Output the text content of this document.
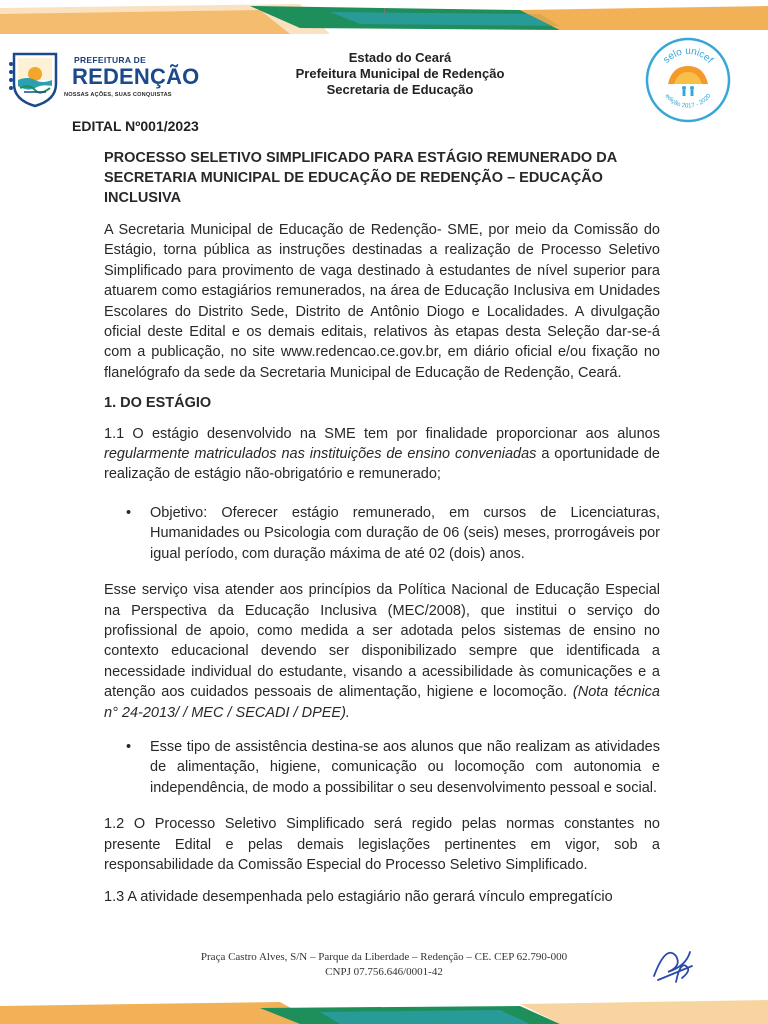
PREFEITURA DE
REDENÇÃO
NOSSAS AÇÕES, SUAS CONQUISTAS
Estado do Ceará
Prefeitura Municipal de Redenção
Secretaria de Educação
selo unicef
edição 2017 - 2020
EDITAL Nº001/2023

PROCESSO SELETIVO SIMPLIFICADO PARA ESTÁGIO REMUNERADO DA SECRETARIA MUNICIPAL DE EDUCAÇÃO DE REDENÇÃO – EDUCAÇÃO INCLUSIVA

A Secretaria Municipal de Educação de Redenção- SME, por meio da Comissão do Estágio, torna pública as instruções destinadas a realização de Processo Seletivo Simplificado para provimento de vaga destinado à estudantes de nível superior para atuarem como estagiários remunerados, na área de Educação Inclusiva em Unidades Escolares do Distrito Sede, Distrito de Antônio Diogo e Localidades. A divulgação oficial deste Edital e os demais editais, relativos às etapas desta Seleção dar-se-á com a publicação, no site www.redencao.ce.gov.br, em diário oficial e/ou fixação no flanelógrafo da sede da Secretaria Municipal de Educação de Redenção, Ceará.

1. DO ESTÁGIO

1.1 O estágio desenvolvido na SME tem por finalidade proporcionar aos alunos regularmente matriculados nas instituições de ensino conveniadas a oportunidade de realização de estágio não-obrigatório e remunerado;

• Objetivo: Oferecer estágio remunerado, em cursos de Licenciaturas, Humanidades ou Psicologia com duração de 06 (seis) meses, prorrogáveis por igual período, com duração máxima de até 02 (dois) anos.

Esse serviço visa atender aos princípios da Política Nacional de Educação Especial na Perspectiva da Educação Inclusiva (MEC/2008), que institui o serviço do profissional de apoio, como medida a ser adotada pelos sistemas de ensino no contexto educacional devendo ser disponibilizado sempre que identificada a necessidade individual do estudante, visando a acessibilidade às comunicações e a atenção aos cuidados pessoais de alimentação, higiene e locomoção. (Nota técnica n° 24-2013/ / MEC / SECADI / DPEE).

• Esse tipo de assistência destina-se aos alunos que não realizam as atividades de alimentação, higiene, comunicação ou locomoção com autonomia e independência, de modo a possibilitar o seu desenvolvimento pessoal e social.

1.2 O Processo Seletivo Simplificado será regido pelas normas constantes no presente Edital e pelas demais legislações pertinentes em vigor, sob a responsabilidade da Comissão Especial do Processo Seletivo Simplificado.

1.3 A atividade desempenhada pelo estagiário não gerará vínculo empregatício

Praça Castro Alves, S/N – Parque da Liberdade – Redenção – CE. CEP 62.790-000
CNPJ 07.756.646/0001-42
